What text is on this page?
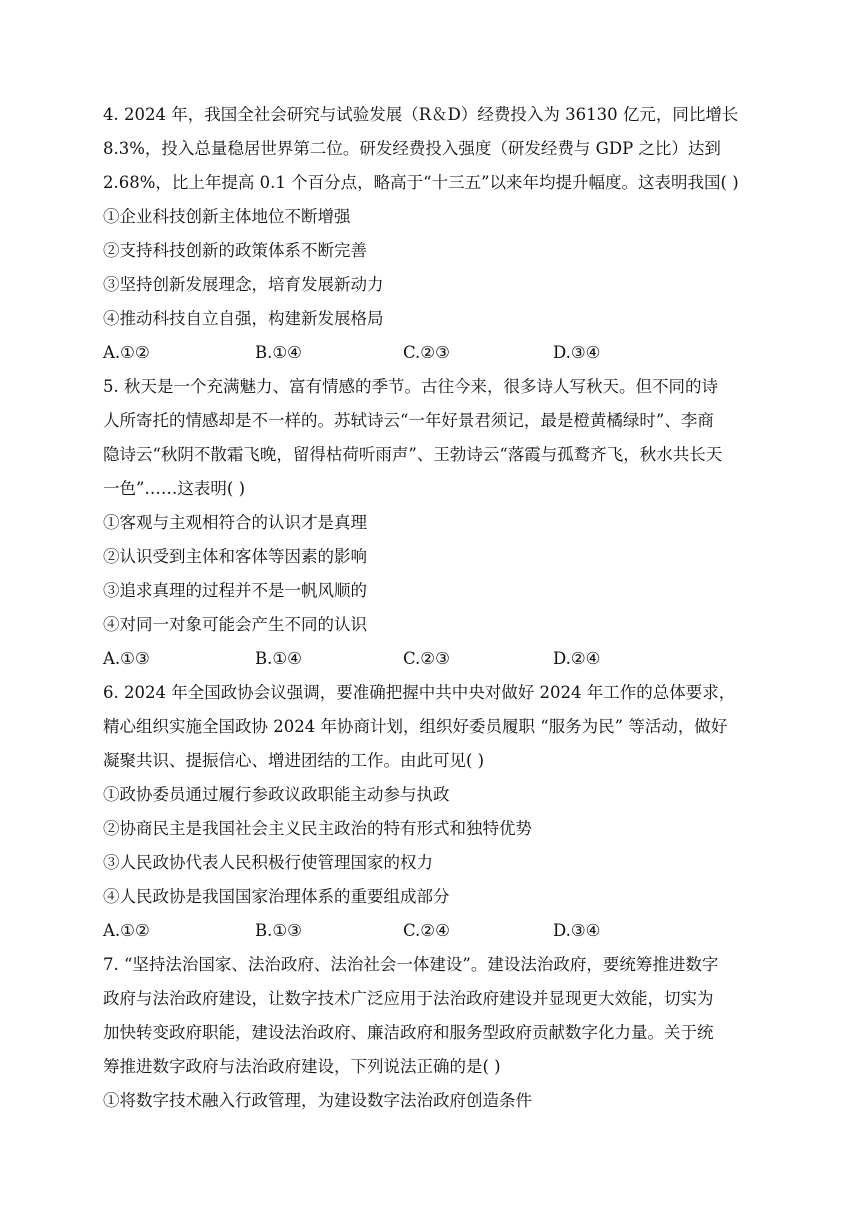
4. 2024 年，我国全社会研究与试验发展（R＆D）经费投入为 36130 亿元，同比增长
8.3%，投入总量稳居世界第二位。研发经费投入强度（研发经费与 GDP 之比）达到
2.68%，比上年提高 0.1 个百分点，略高于“十三五”以来年均提升幅度。这表明我国( )
①企业科技创新主体地位不断增强
②支持科技创新的政策体系不断完善
③坚持创新发展理念，培育发展新动力
④推动科技自立自强，构建新发展格局
A.①②	B.①④	C.②③	D.③④
5. 秋天是一个充满魅力、富有情感的季节。古往今来，很多诗人写秋天。但不同的诗
人所寄托的情感却是不一样的。苏轼诗云“一年好景君须记，最是橙黄橘绿时”、李商
隐诗云“秋阴不散霜飞晚，留得枯荷听雨声”、王勃诗云“落霞与孤鹜齐飞，秋水共长天
一色”……这表明( )
①客观与主观相符合的认识才是真理
②认识受到主体和客体等因素的影响
③追求真理的过程并不是一帆风顺的
④对同一对象可能会产生不同的认识
A.①③	B.①④	C.②③	D.②④
6. 2024 年全国政协会议强调，要准确把握中共中央对做好 2024 年工作的总体要求，
精心组织实施全国政协 2024 年协商计划，组织好委员履职 “服务为民” 等活动，做好
凝聚共识、提振信心、增进团结的工作。由此可见( )
①政协委员通过履行参政议政职能主动参与执政
②协商民主是我国社会主义民主政治的特有形式和独特优势
③人民政协代表人民积极行使管理国家的权力
④人民政协是我国国家治理体系的重要组成部分
A.①②	B.①③	C.②④	D.③④
7. “坚持法治国家、法治政府、法治社会一体建设”。建设法治政府，要统筹推进数字
政府与法治政府建设，让数字技术广泛应用于法治政府建设并显现更大效能，切实为
加快转变政府职能，建设法治政府、廉洁政府和服务型政府贡献数字化力量。关于统
筹推进数字政府与法治政府建设，下列说法正确的是( )
①将数字技术融入行政管理，为建设数字法治政府创造条件
